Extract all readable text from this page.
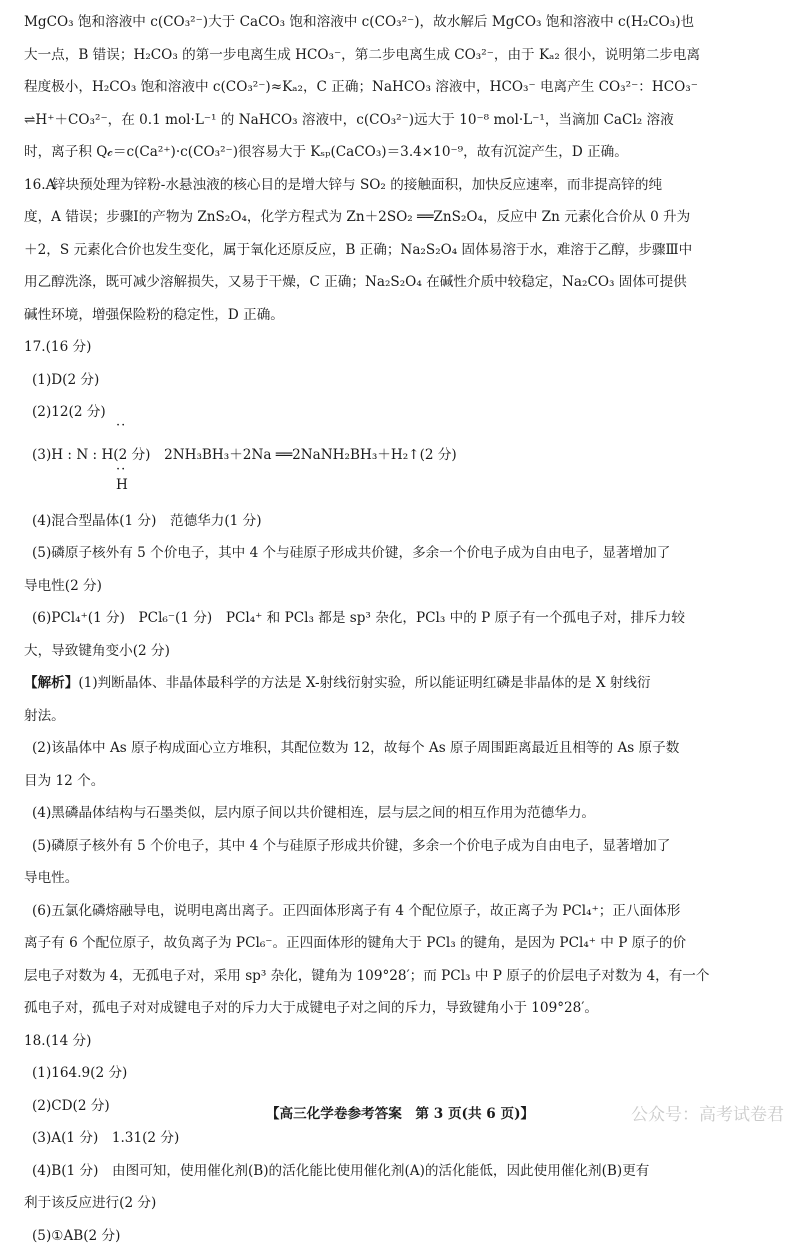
MgCO₃ 饱和溶液中 c(CO₃²⁻)大于 CaCO₃ 饱和溶液中 c(CO₃²⁻)，故水解后 MgCO₃ 饱和溶液中 c(H₂CO₃)也
大一点，B 错误；H₂CO₃ 的第一步电离生成 HCO₃⁻，第二步电离生成 CO₃²⁻，由于 Kₐ₂ 很小，说明第二步电离
程度极小，H₂CO₃ 饱和溶液中 c(CO₃²⁻)≈Kₐ₂，C 正确；NaHCO₃ 溶液中，HCO₃⁻ 电离产生 CO₃²⁻：HCO₃⁻
⇌H⁺＋CO₃²⁻，在 0.1 mol·L⁻¹ 的 NaHCO₃ 溶液中，c(CO₃²⁻)远大于 10⁻⁸ mol·L⁻¹，当滴加 CaCl₂ 溶液
时，离子积 Q𝒸＝c(Ca²⁺)·c(CO₃²⁻)很容易大于 Kₛₚ(CaCO₃)＝3.4×10⁻⁹，故有沉淀产生，D 正确。
16.A锌块预处理为锌粉-水悬浊液的核心目的是增大锌与 SO₂ 的接触面积，加快反应速率，而非提高锌的纯
度，A 错误；步骤Ⅰ的产物为 ZnS₂O₄，化学方程式为 Zn＋2SO₂ ══ZnS₂O₄，反应中 Zn 元素化合价从 0 升为
＋2，S 元素化合价也发生变化，属于氧化还原反应，B 正确；Na₂S₂O₄ 固体易溶于水，难溶于乙醇，步骤Ⅲ中
用乙醇洗涤，既可减少溶解损失，又易于干燥，C 正确；Na₂S₂O₄ 在碱性介质中较稳定，Na₂CO₃ 固体可提供
碱性环境，增强保险粉的稳定性，D 正确。
17.(16 分)
(1)D(2 分)
(2)12(2 分)
··
(3)H : N : H(2 分)　2NH₃BH₃＋2Na ══2NaNH₂BH₃＋H₂↑(2 分)
··
H
(4)混合型晶体(1 分)　范德华力(1 分)
(5)磷原子核外有 5 个价电子，其中 4 个与硅原子形成共价键，多余一个价电子成为自由电子，显著增加了
导电性(2 分)
(6)PCl₄⁺(1 分)　PCl₆⁻(1 分)　PCl₄⁺ 和 PCl₃ 都是 sp³ 杂化，PCl₃ 中的 P 原子有一个孤电子对，排斥力较
大，导致键角变小(2 分)
【解析】(1)判断晶体、非晶体最科学的方法是 X-射线衍射实验，所以能证明红磷是非晶体的是 X 射线衍
射法。
(2)该晶体中 As 原子构成面心立方堆积，其配位数为 12，故每个 As 原子周围距离最近且相等的 As 原子数
目为 12 个。
(4)黑磷晶体结构与石墨类似，层内原子间以共价键相连，层与层之间的相互作用为范德华力。
(5)磷原子核外有 5 个价电子，其中 4 个与硅原子形成共价键，多余一个价电子成为自由电子，显著增加了
导电性。
(6)五氯化磷熔融导电，说明电离出离子。正四面体形离子有 4 个配位原子，故正离子为 PCl₄⁺；正八面体形
离子有 6 个配位原子，故负离子为 PCl₆⁻。正四面体形的键角大于 PCl₃ 的键角，是因为 PCl₄⁺ 中 P 原子的价
层电子对数为 4，无孤电子对，采用 sp³ 杂化，键角为 109°28′；而 PCl₃ 中 P 原子的价层电子对数为 4，有一个
孤电子对，孤电子对对成键电子对的斥力大于成键电子对之间的斥力，导致键角小于 109°28′。
18.(14 分)
(1)164.9(2 分)
(2)CD(2 分)
(3)A(1 分)　1.31(2 分)
(4)B(1 分)　由图可知，使用催化剂(B)的活化能比使用催化剂(A)的活化能低，因此使用催化剂(B)更有
利于该反应进行(2 分)
(5)①AB(2 分)
【高三化学卷参考答案　第 3 页(共 6 页)】	公众号：高考试卷君
